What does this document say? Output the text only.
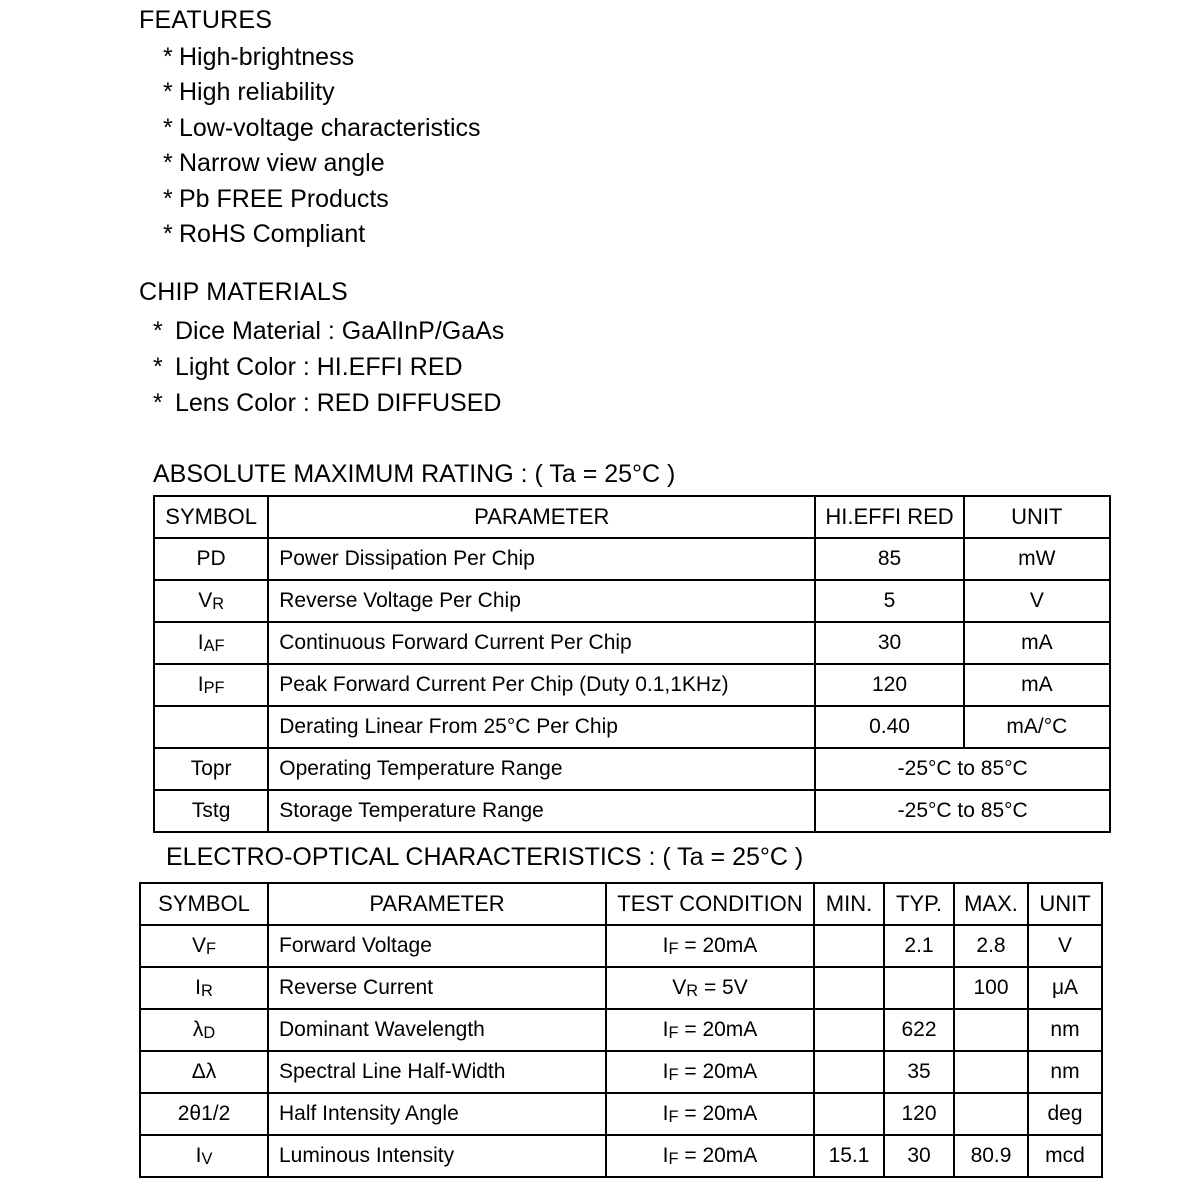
FEATURES
* High-brightness
* High reliability
* Low-voltage characteristics
* Narrow view angle
* Pb FREE Products
* RoHS Compliant
CHIP MATERIALS
* Dice Material : GaAlInP/GaAs
* Light Color : HI.EFFI RED
* Lens Color : RED DIFFUSED
ABSOLUTE MAXIMUM RATING : ( Ta = 25°C )
SYMBOL	PARAMETER	HI.EFFI RED	UNIT
PD	Power Dissipation Per Chip	85	mW
$V_R$	Reverse Voltage Per Chip	5	V
$I_{AF}$	Continuous Forward Current Per Chip	30	mA
$I_{PF}$	Peak Forward Current Per Chip (Duty 0.1,1KHz)	120	mA
	Derating Linear From 25°C Per Chip	0.40	mA/°C
Topr	Operating Temperature Range	-25°C to 85°C	
Tstg	Storage Temperature Range	-25°C to 85°C	
ELECTRO-OPTICAL CHARACTERISTICS : ( Ta = 25°C )
SYMBOL	PARAMETER	TEST CONDITION	MIN.	TYP.	MAX.	UNIT
$V_F$	Forward Voltage	$I_F = 20mA$		2.1	2.8	V
$I_R$	Reverse Current	$V_R = 5V$			100	μA
$\lambda_D$	Dominant Wavelength	$I_F = 20mA$		622		nm
Δλ	Spectral Line Half-Width	$I_F = 20mA$		35		nm
2θ1/2	Half Intensity Angle	$I_F = 20mA$		120		deg
$I_V$	Luminous Intensity	$I_F = 20mA$	15.1	30	80.9	mcd
